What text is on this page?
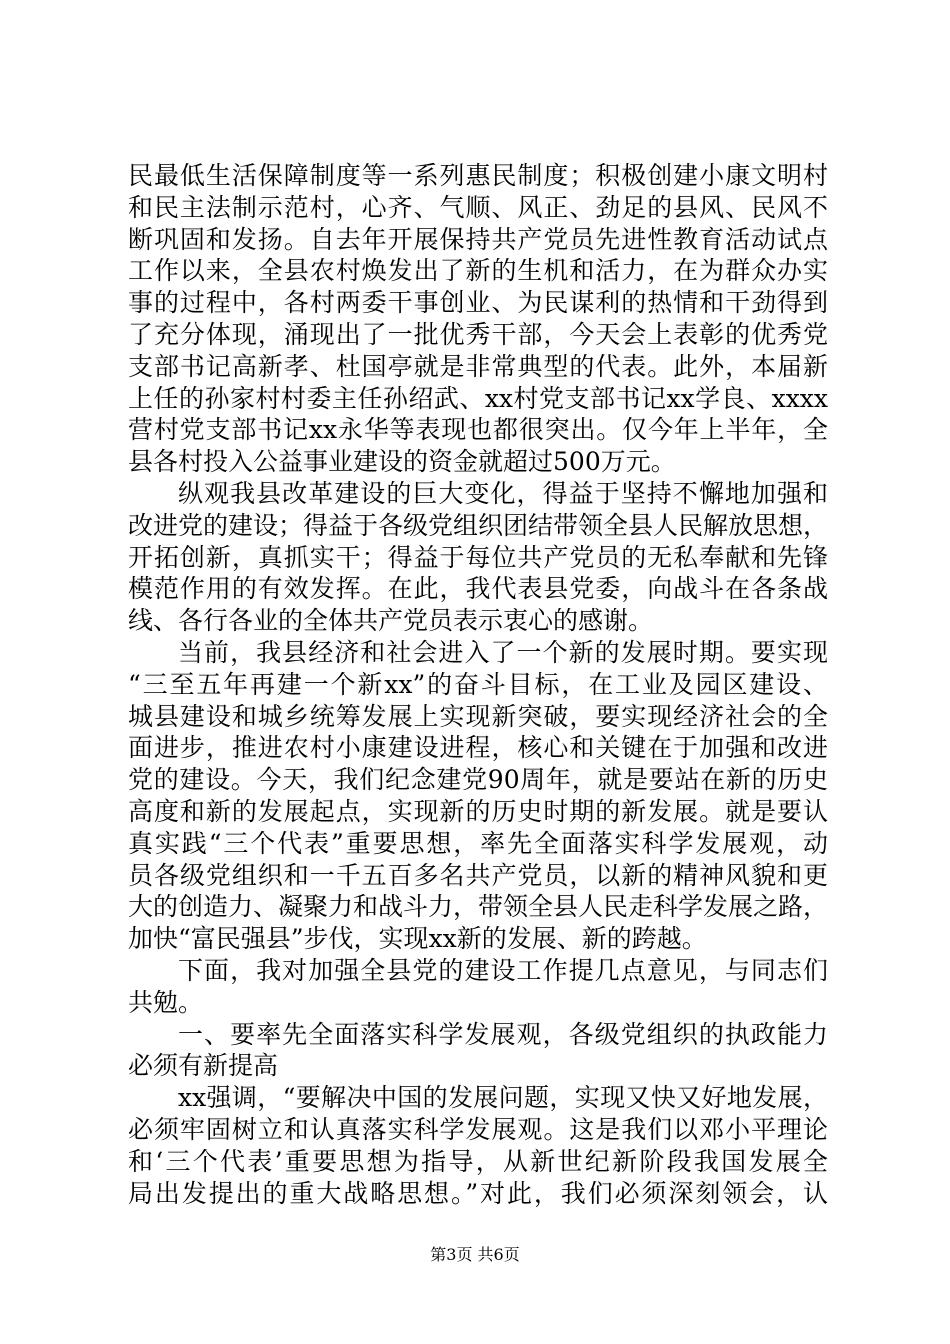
民最低生活保障制度等一系列惠民制度；积极创建小康文明村
和民主法制示范村，心齐、气顺、风正、劲足的县风、民风不
断巩固和发扬。自去年开展保持共产党员先进性教育活动试点
工作以来，全县农村焕发出了新的生机和活力，在为群众办实
事的过程中，各村两委干事创业、为民谋利的热情和干劲得到
了充分体现，涌现出了一批优秀干部，今天会上表彰的优秀党
支部书记高新孝、杜国亭就是非常典型的代表。此外，本届新
上任的孙家村村委主任孙绍武、xx村党支部书记xx学良、xxxx
营村党支部书记xx永华等表现也都很突出。仅今年上半年，全
县各村投入公益事业建设的资金就超过500万元。
纵观我县改革建设的巨大变化，得益于坚持不懈地加强和
改进党的建设；得益于各级党组织团结带领全县人民解放思想，
开拓创新，真抓实干；得益于每位共产党员的无私奉献和先锋
模范作用的有效发挥。在此，我代表县党委，向战斗在各条战
线、各行各业的全体共产党员表示衷心的感谢。
当前，我县经济和社会进入了一个新的发展时期。要实现
“三至五年再建一个新xx”的奋斗目标，在工业及园区建设、
城县建设和城乡统筹发展上实现新突破，要实现经济社会的全
面进步，推进农村小康建设进程，核心和关键在于加强和改进
党的建设。今天，我们纪念建党90周年，就是要站在新的历史
高度和新的发展起点，实现新的历史时期的新发展。就是要认
真实践“三个代表”重要思想，率先全面落实科学发展观，动
员各级党组织和一千五百多名共产党员，以新的精神风貌和更
大的创造力、凝聚力和战斗力，带领全县人民走科学发展之路，
加快“富民强县”步伐，实现xx新的发展、新的跨越。
下面，我对加强全县党的建设工作提几点意见，与同志们
共勉。
一、要率先全面落实科学发展观，各级党组织的执政能力
必须有新提高
xx强调，“要解决中国的发展问题，实现又快又好地发展，
必须牢固树立和认真落实科学发展观。这是我们以邓小平理论
和‘三个代表’重要思想为指导，从新世纪新阶段我国发展全
局出发提出的重大战略思想。”对此，我们必须深刻领会，认
第3页 共6页
